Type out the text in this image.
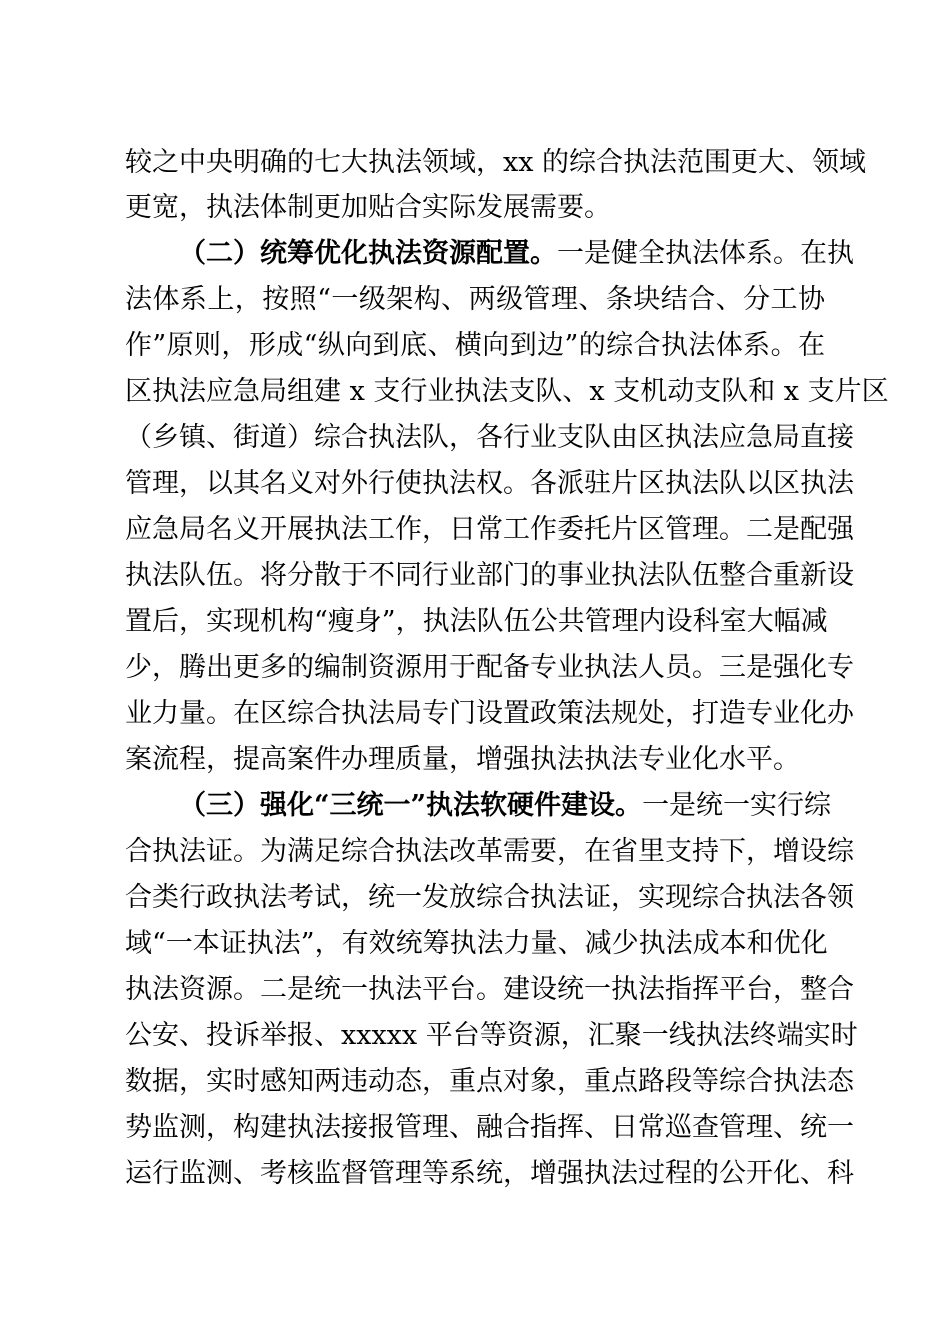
较之中央明确的七大执法领域，xx 的综合执法范围更大、领域
更宽，执法体制更加贴合实际发展需要。
（二）统筹优化执法资源配置。一是健全执法体系。在执
法体系上，按照“一级架构、两级管理、条块结合、分工协
作”原则，形成“纵向到底、横向到边”的综合执法体系。在
区执法应急局组建 x 支行业执法支队、x 支机动支队和 x 支片区
（乡镇、街道）综合执法队，各行业支队由区执法应急局直接
管理，以其名义对外行使执法权。各派驻片区执法队以区执法
应急局名义开展执法工作，日常工作委托片区管理。二是配强
执法队伍。将分散于不同行业部门的事业执法队伍整合重新设
置后，实现机构“瘦身”，执法队伍公共管理内设科室大幅减
少，腾出更多的编制资源用于配备专业执法人员。三是强化专
业力量。在区综合执法局专门设置政策法规处，打造专业化办
案流程，提高案件办理质量，增强执法执法专业化水平。
（三）强化“三统一”执法软硬件建设。一是统一实行综
合执法证。为满足综合执法改革需要，在省里支持下，增设综
合类行政执法考试，统一发放综合执法证，实现综合执法各领
域“一本证执法”，有效统筹执法力量、减少执法成本和优化
执法资源。二是统一执法平台。建设统一执法指挥平台，整合
公安、投诉举报、xxxxx 平台等资源，汇聚一线执法终端实时
数据，实时感知两违动态，重点对象，重点路段等综合执法态
势监测，构建执法接报管理、融合指挥、日常巡查管理、统一
运行监测、考核监督管理等系统，增强执法过程的公开化、科
